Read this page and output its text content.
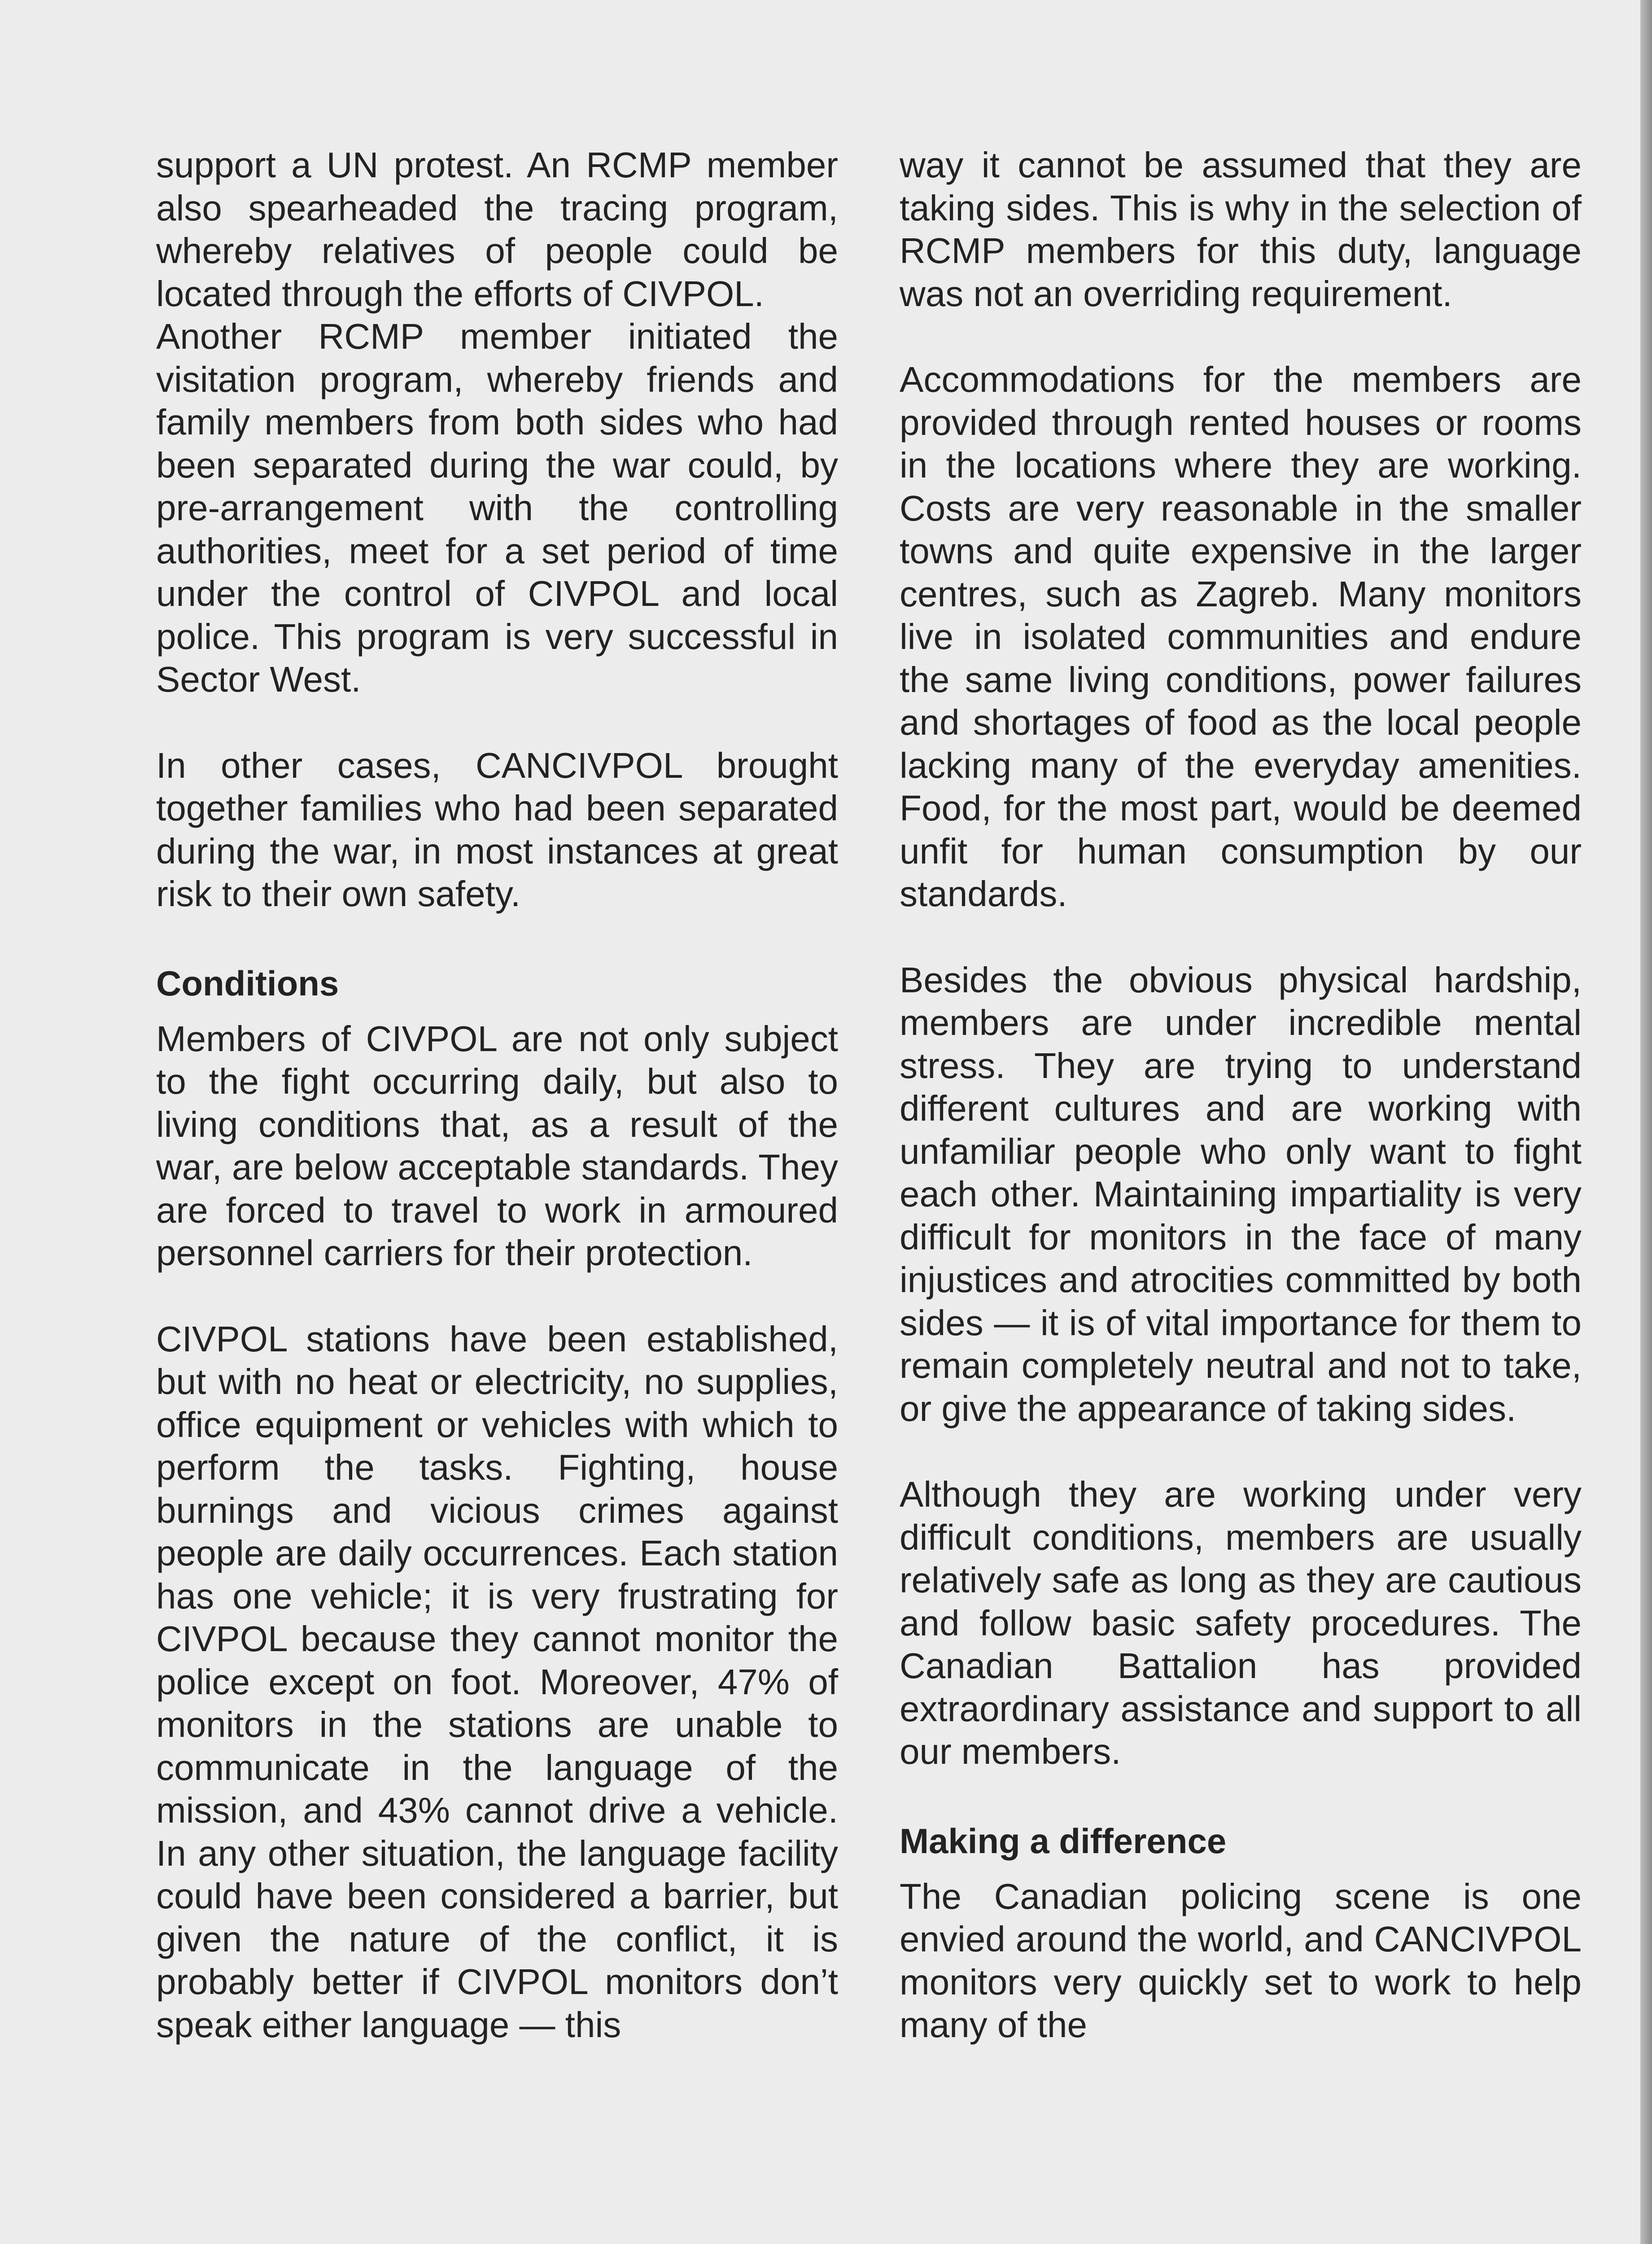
support a UN protest. An RCMP member also spearheaded the tracing program, whereby relatives of people could be located through the efforts of CIVPOL.

Another RCMP member initiated the visitation program, whereby friends and family members from both sides who had been separated during the war could, by pre-arrangement with the controlling authorities, meet for a set period of time under the control of CIVPOL and local police. This program is very successful in Sector West.

In other cases, CANCIVPOL brought together families who had been separated during the war, in most instances at great risk to their own safety.

Conditions

Members of CIVPOL are not only subject to the fight occurring daily, but also to living conditions that, as a result of the war, are below acceptable standards. They are forced to travel to work in armoured personnel carriers for their protection.

CIVPOL stations have been established, but with no heat or electricity, no supplies, office equipment or vehicles with which to perform the tasks. Fighting, house burnings and vicious crimes against people are daily occurrences. Each station has one vehicle; it is very frustrating for CIVPOL because they cannot monitor the police except on foot. Moreover, 47% of monitors in the stations are unable to communicate in the language of the mission, and 43% cannot drive a vehicle. In any other situation, the language facility could have been considered a barrier, but given the nature of the conflict, it is probably better if CIVPOL monitors don’t speak either language — this

way it cannot be assumed that they are taking sides. This is why in the selection of RCMP members for this duty, language was not an overriding requirement.

Accommodations for the members are provided through rented houses or rooms in the locations where they are working. Costs are very reasonable in the smaller towns and quite expensive in the larger centres, such as Zagreb. Many monitors live in isolated communities and endure the same living conditions, power failures and shortages of food as the local people lacking many of the everyday amenities. Food, for the most part, would be deemed unfit for human consumption by our standards.

Besides the obvious physical hardship, members are under incredible mental stress. They are trying to understand different cultures and are working with unfamiliar people who only want to fight each other. Maintaining impartiality is very difficult for monitors in the face of many injustices and atrocities committed by both sides — it is of vital importance for them to remain completely neutral and not to take, or give the appearance of taking sides.

Although they are working under very difficult conditions, members are usually relatively safe as long as they are cautious and follow basic safety procedures. The Canadian Battalion has provided extraordinary assistance and support to all our members.

Making a difference

The Canadian policing scene is one envied around the world, and CANCIVPOL monitors very quickly set to work to help many of the
